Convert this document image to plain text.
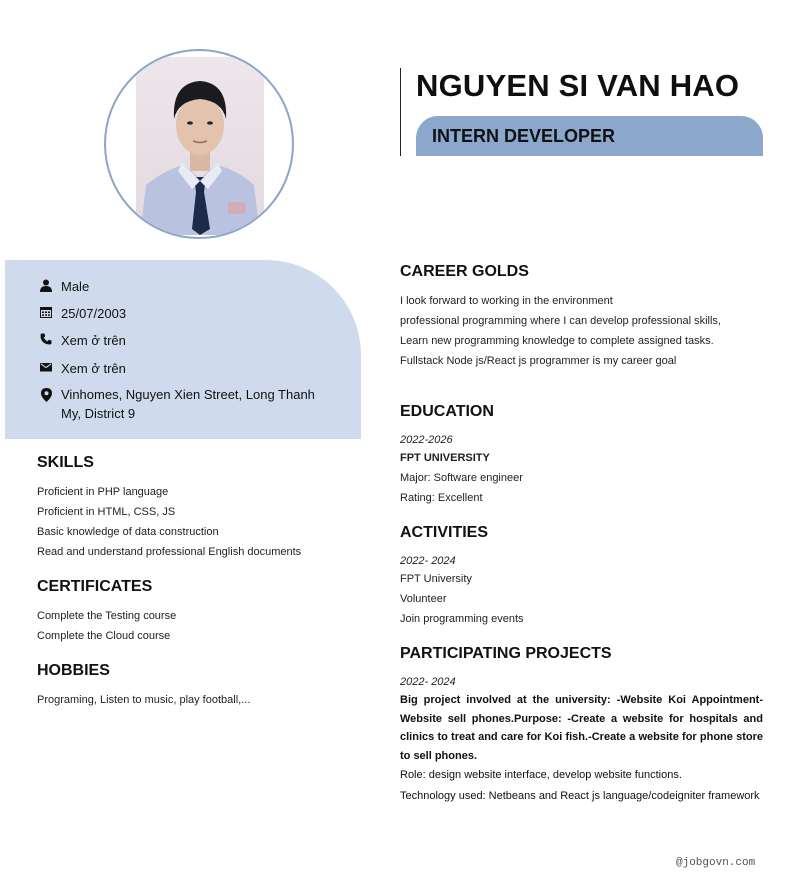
NGUYEN SI VAN HAO
INTERN DEVELOPER
Male
25/07/2003
Xem ở trên
Xem ở trên
Vinhomes, Nguyen Xien Street, Long Thanh
My, District 9
SKILLS
Proficient in PHP language
Proficient in HTML, CSS, JS
Basic knowledge of data construction
Read and understand professional English documents
CERTIFICATES
Complete the Testing course
Complete the Cloud course
HOBBIES
Programing, Listen to music, play football,...
CAREER GOLDS
I look forward to working in the environment
professional programming where I can develop professional skills,
Learn new programming knowledge to complete assigned tasks.
Fullstack Node js/React js programmer is my career goal
EDUCATION
2022-2026
FPT UNIVERSITY
Major: Software engineer
Rating: Excellent
ACTIVITIES
2022- 2024
FPT University
Volunteer
Join programming events
PARTICIPATING PROJECTS
2022- 2024
Big project involved at the university: -Website Koi Appointment-Website sell phones.Purpose: -Create a website for hospitals and clinics to treat and care for Koi fish.-Create a website for phone store to sell phones.
Role: design website interface, develop website functions.
Technology used: Netbeans and React js language/codeigniter framework
@jobgovn.com
